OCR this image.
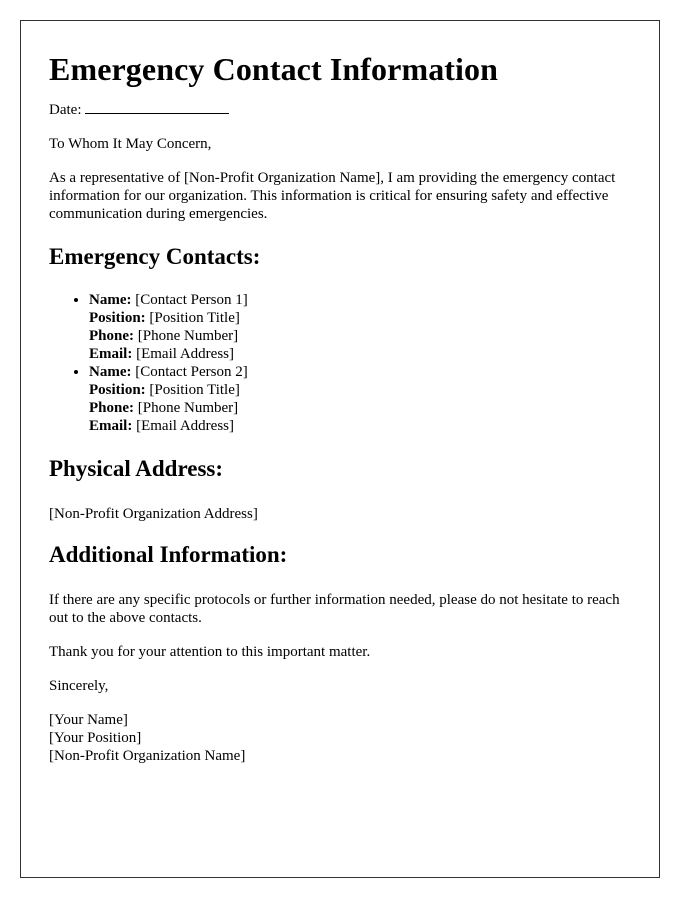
Emergency Contact Information

Date:

To Whom It May Concern,

As a representative of [Non-Profit Organization Name], I am providing the emergency contact information for our organization. This information is critical for ensuring safety and effective communication during emergencies.

Emergency Contacts:
• Name: [Contact Person 1]
Position: [Position Title]
Phone: [Phone Number]
Email: [Email Address]
• Name: [Contact Person 2]
Position: [Position Title]
Phone: [Phone Number]
Email: [Email Address]
Physical Address:

[Non-Profit Organization Address]

Additional Information:

If there are any specific protocols or further information needed, please do not hesitate to reach out to the above contacts.

Thank you for your attention to this important matter.

Sincerely,

[Your Name]
[Your Position]
[Non-Profit Organization Name]
